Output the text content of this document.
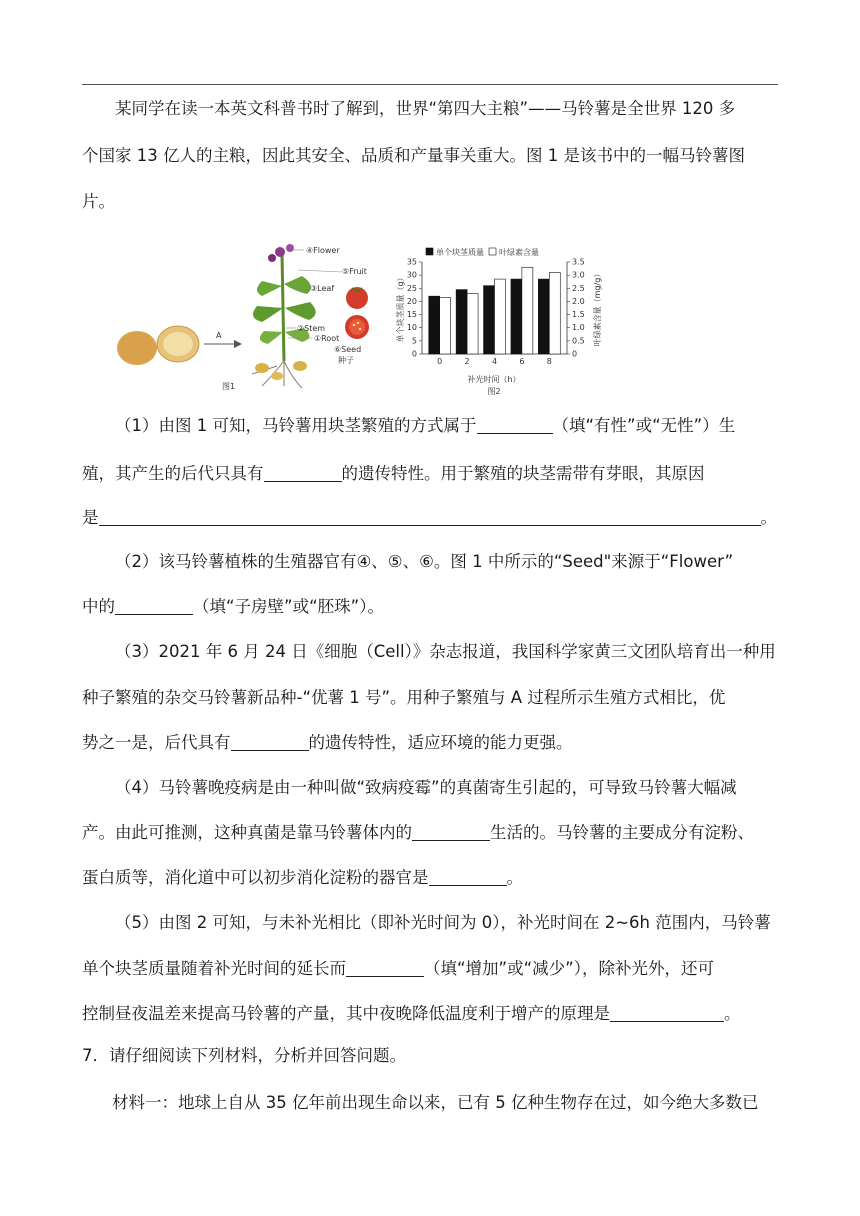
某同学在读一本英文科普书时了解到，世界“第四大主粮”——马铃薯是全世界 120 多
个国家 13 亿人的主粮，因此其安全、品质和产量事关重大。图 1 是该书中的一幅马铃薯图
片。
A
④Flower
⑤Fruit
③Leaf
②Stem
①Root
⑥Seed
种子
图1
0
5
10
15
20
25
30
35
0
0.5
1.0
1.5
2.0
2.5
3.0
3.5
0	2	4	6	8
单个块茎质量 叶绿素含量
单个块茎质量（g）	叶绿素含量（mg/g）
补光时间（h）
图2
（1）由图 1 可知，马铃薯用块茎繁殖的方式属于	（填“有性”或“无性”）生
殖，其产生的后代只具有	的遗传特性。用于繁殖的块茎需带有芽眼，其原因
是	。
（2）该马铃薯植株的生殖器官有④、⑤、⑥。图 1 中所示的“Seed"来源于“Flower”
中的	（填“子房壁”或“胚珠”）。
（3）2021 年 6 月 24 日《细胞（Cell）》杂志报道，我国科学家黄三文团队培育出一种用
种子繁殖的杂交马铃薯新品种-“优薯 1 号”。用种子繁殖与 A 过程所示生殖方式相比，优
势之一是，后代具有	的遗传特性，适应环境的能力更强。
（4）马铃薯晚疫病是由一种叫做“致病疫霉”的真菌寄生引起的，可导致马铃薯大幅减
产。由此可推测，这种真菌是靠马铃薯体内的	生活的。马铃薯的主要成分有淀粉、
蛋白质等，消化道中可以初步消化淀粉的器官是	。
（5）由图 2 可知，与未补光相比（即补光时间为 0），补光时间在 2~6h 范围内，马铃薯
单个块茎质量随着补光时间的延长而	（填“增加”或“减少”），除补光外，还可
控制昼夜温差来提高马铃薯的产量，其中夜晚降低温度利于增产的原理是	。
7．请仔细阅读下列材料，分析并回答问题。
材料一：地球上自从 35 亿年前出现生命以来，已有 5 亿种生物存在过，如今绝大多数已
